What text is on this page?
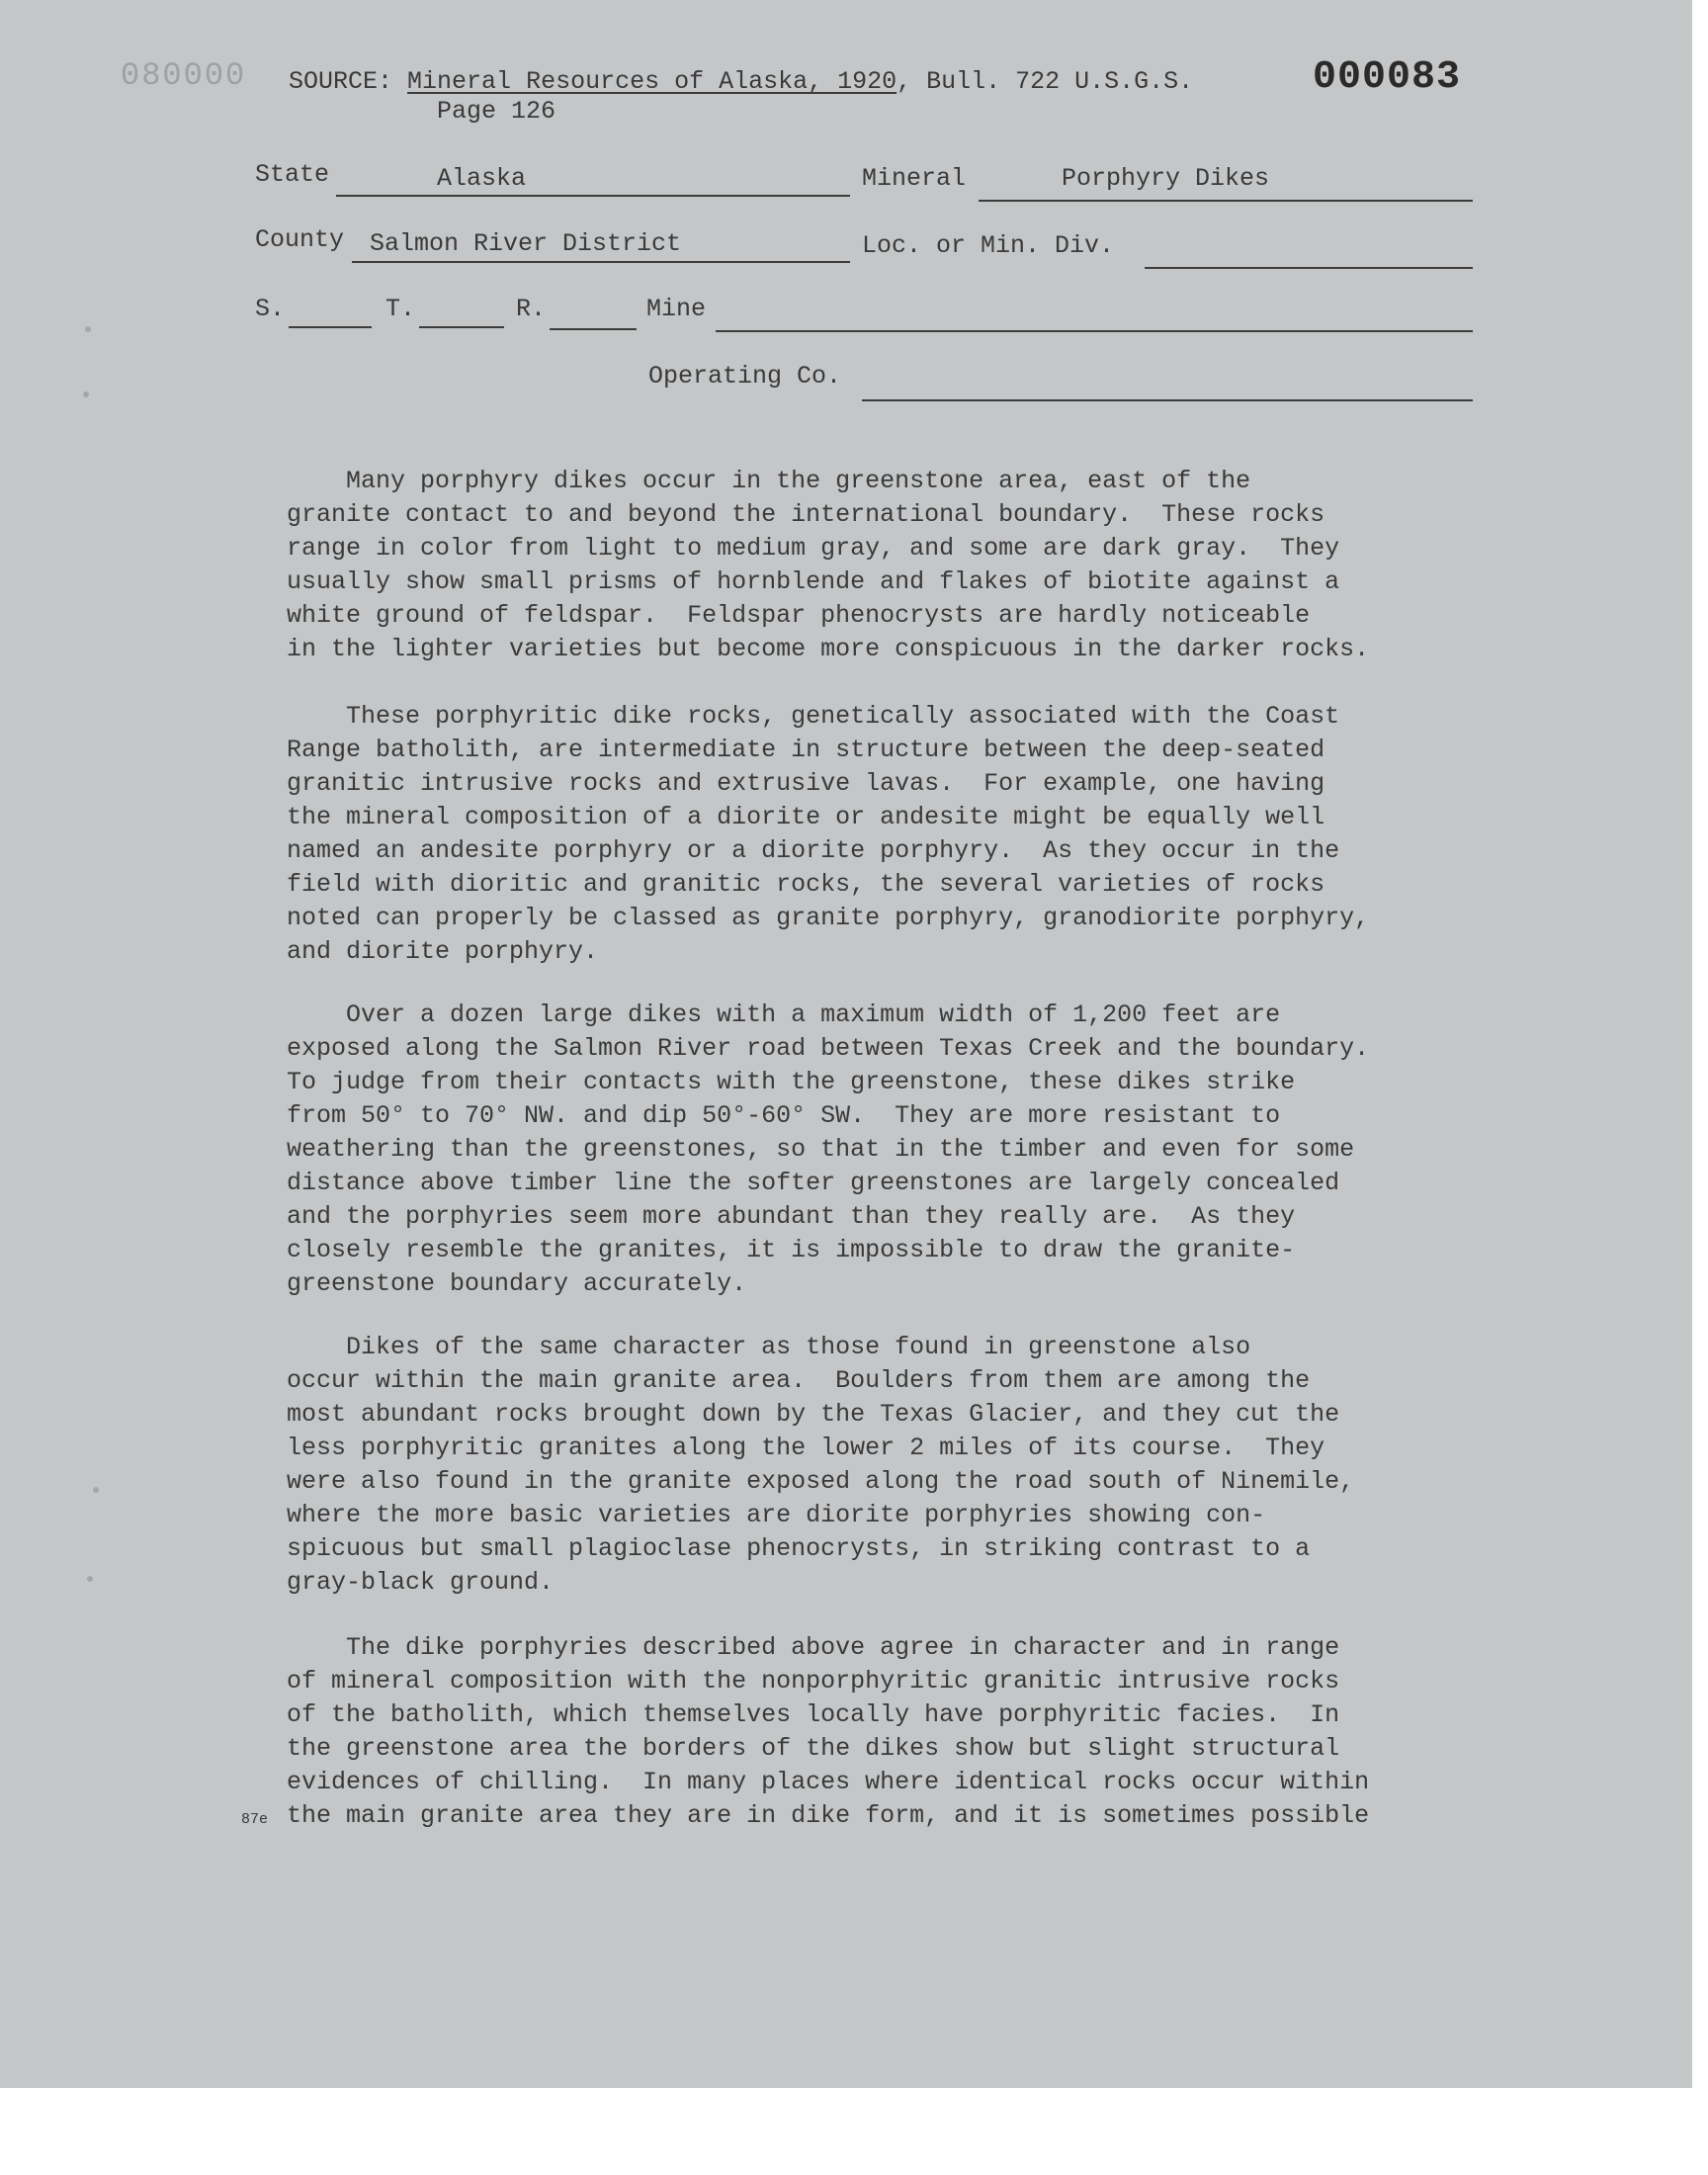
080000 SOURCE: Mineral Resources of Alaska, 1920, Bull. 722 U.S.G.S.	000083
Page 126
State	Alaska	Mineral	Porphyry Dikes
County Salmon River District	Loc. or Min. Div.
S.	T.	R.	Mine
Operating Co.
Many porphyry dikes occur in the greenstone area, east of the
granite contact to and beyond the international boundary.  These rocks
range in color from light to medium gray, and some are dark gray.  They
usually show small prisms of hornblende and flakes of biotite against a
white ground of feldspar.  Feldspar phenocrysts are hardly noticeable
in the lighter varieties but become more conspicuous in the darker rocks.
These porphyritic dike rocks, genetically associated with the Coast
Range batholith, are intermediate in structure between the deep-seated
granitic intrusive rocks and extrusive lavas.  For example, one having
the mineral composition of a diorite or andesite might be equally well
named an andesite porphyry or a diorite porphyry.  As they occur in the
field with dioritic and granitic rocks, the several varieties of rocks
noted can properly be classed as granite porphyry, granodiorite porphyry,
and diorite porphyry.
Over a dozen large dikes with a maximum width of 1,200 feet are
exposed along the Salmon River road between Texas Creek and the boundary.
To judge from their contacts with the greenstone, these dikes strike
from 50° to 70° NW. and dip 50°-60° SW.  They are more resistant to
weathering than the greenstones, so that in the timber and even for some
distance above timber line the softer greenstones are largely concealed
and the porphyries seem more abundant than they really are.  As they
closely resemble the granites, it is impossible to draw the granite-
greenstone boundary accurately.
Dikes of the same character as those found in greenstone also
occur within the main granite area.  Boulders from them are among the
most abundant rocks brought down by the Texas Glacier, and they cut the
less porphyritic granites along the lower 2 miles of its course.  They
were also found in the granite exposed along the road south of Ninemile,
where the more basic varieties are diorite porphyries showing con-
spicuous but small plagioclase phenocrysts, in striking contrast to a
gray-black ground.
The dike porphyries described above agree in character and in range
of mineral composition with the nonporphyritic granitic intrusive rocks
of the batholith, which themselves locally have porphyritic facies.  In
the greenstone area the borders of the dikes show but slight structural
evidences of chilling.  In many places where identical rocks occur within
the main granite area they are in dike form, and it is sometimes possible
87e
